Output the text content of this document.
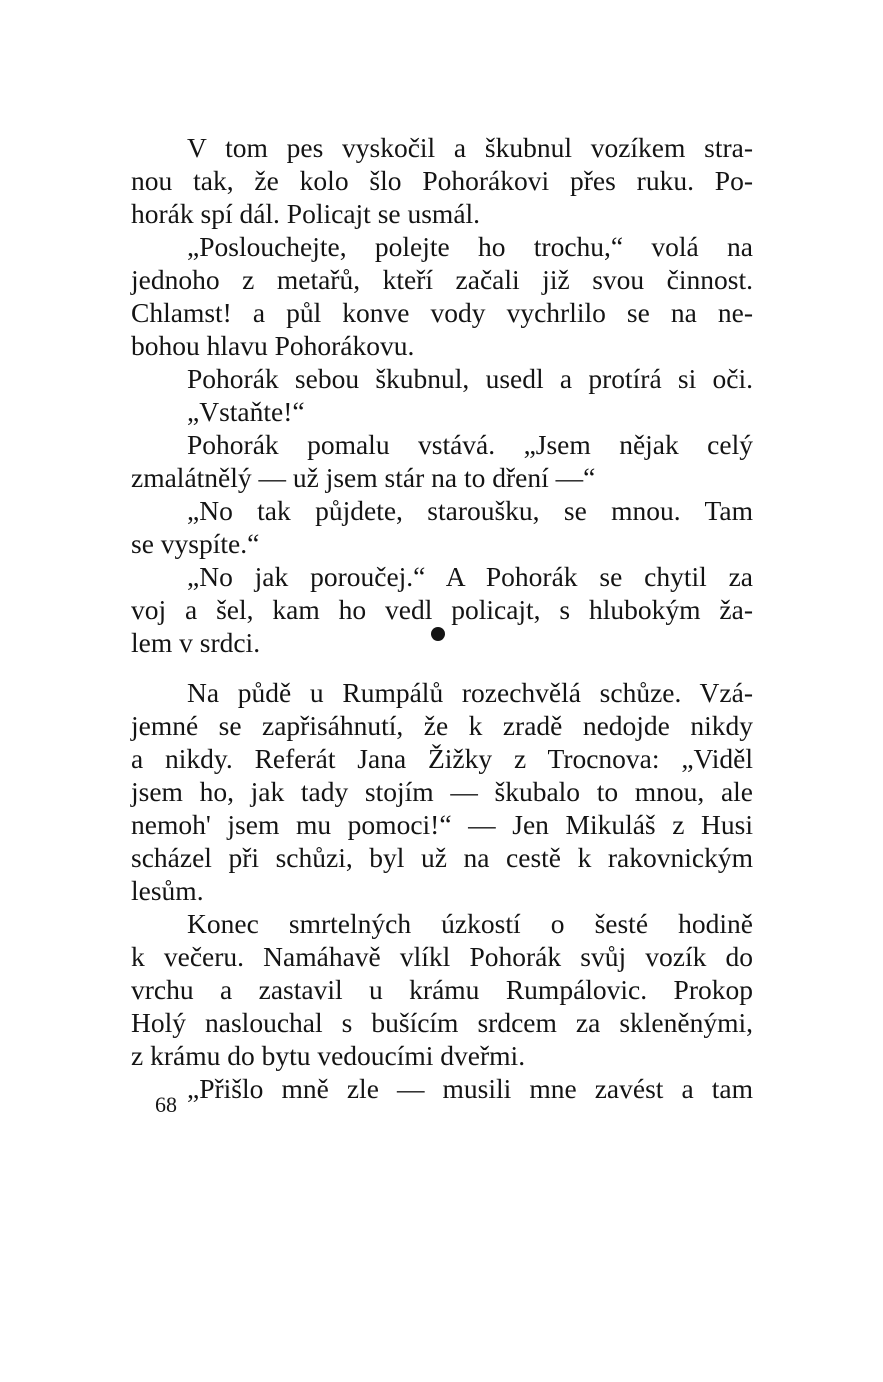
V tom pes vyskočil a škubnul vozíkem stra-
nou tak, že kolo šlo Pohorákovi přes ruku. Po-
horák spí dál. Policajt se usmál.
„Poslouchejte, polejte ho trochu,“ volá na
jednoho z metařů, kteří začali již svou činnost.
Chlamst! a půl konve vody vychrlilo se na ne-
bohou hlavu Pohorákovu.
Pohorák sebou škubnul, usedl a protírá si oči.
„Vstaňte!“
Pohorák pomalu vstává. „Jsem nějak celý
zmalátnělý — už jsem stár na to dření —“
„No tak půjdete, staroušku, se mnou. Tam
se vyspíte.“
„No jak poroučej.“ A Pohorák se chytil za
voj a šel, kam ho vedl policajt, s hlubokým ža-
lem v srdci.
Na půdě u Rumpálů rozechvělá schůze. Vzá-
jemné se zapřisáhnutí, že k zradě nedojde nikdy
a nikdy. Referát Jana Žižky z Trocnova: „Viděl
jsem ho, jak tady stojím — škubalo to mnou, ale
nemoh' jsem mu pomoci!“ — Jen Mikuláš z Husi
scházel při schůzi, byl už na cestě k rakovnickým
lesům.
Konec smrtelných úzkostí o šesté hodině
k večeru. Namáhavě vlíkl Pohorák svůj vozík do
vrchu a zastavil u krámu Rumpálovic. Prokop
Holý naslouchal s bušícím srdcem za skleněnými,
z krámu do bytu vedoucími dveřmi.
„Přišlo mně zle — musili mne zavést a tam
68
